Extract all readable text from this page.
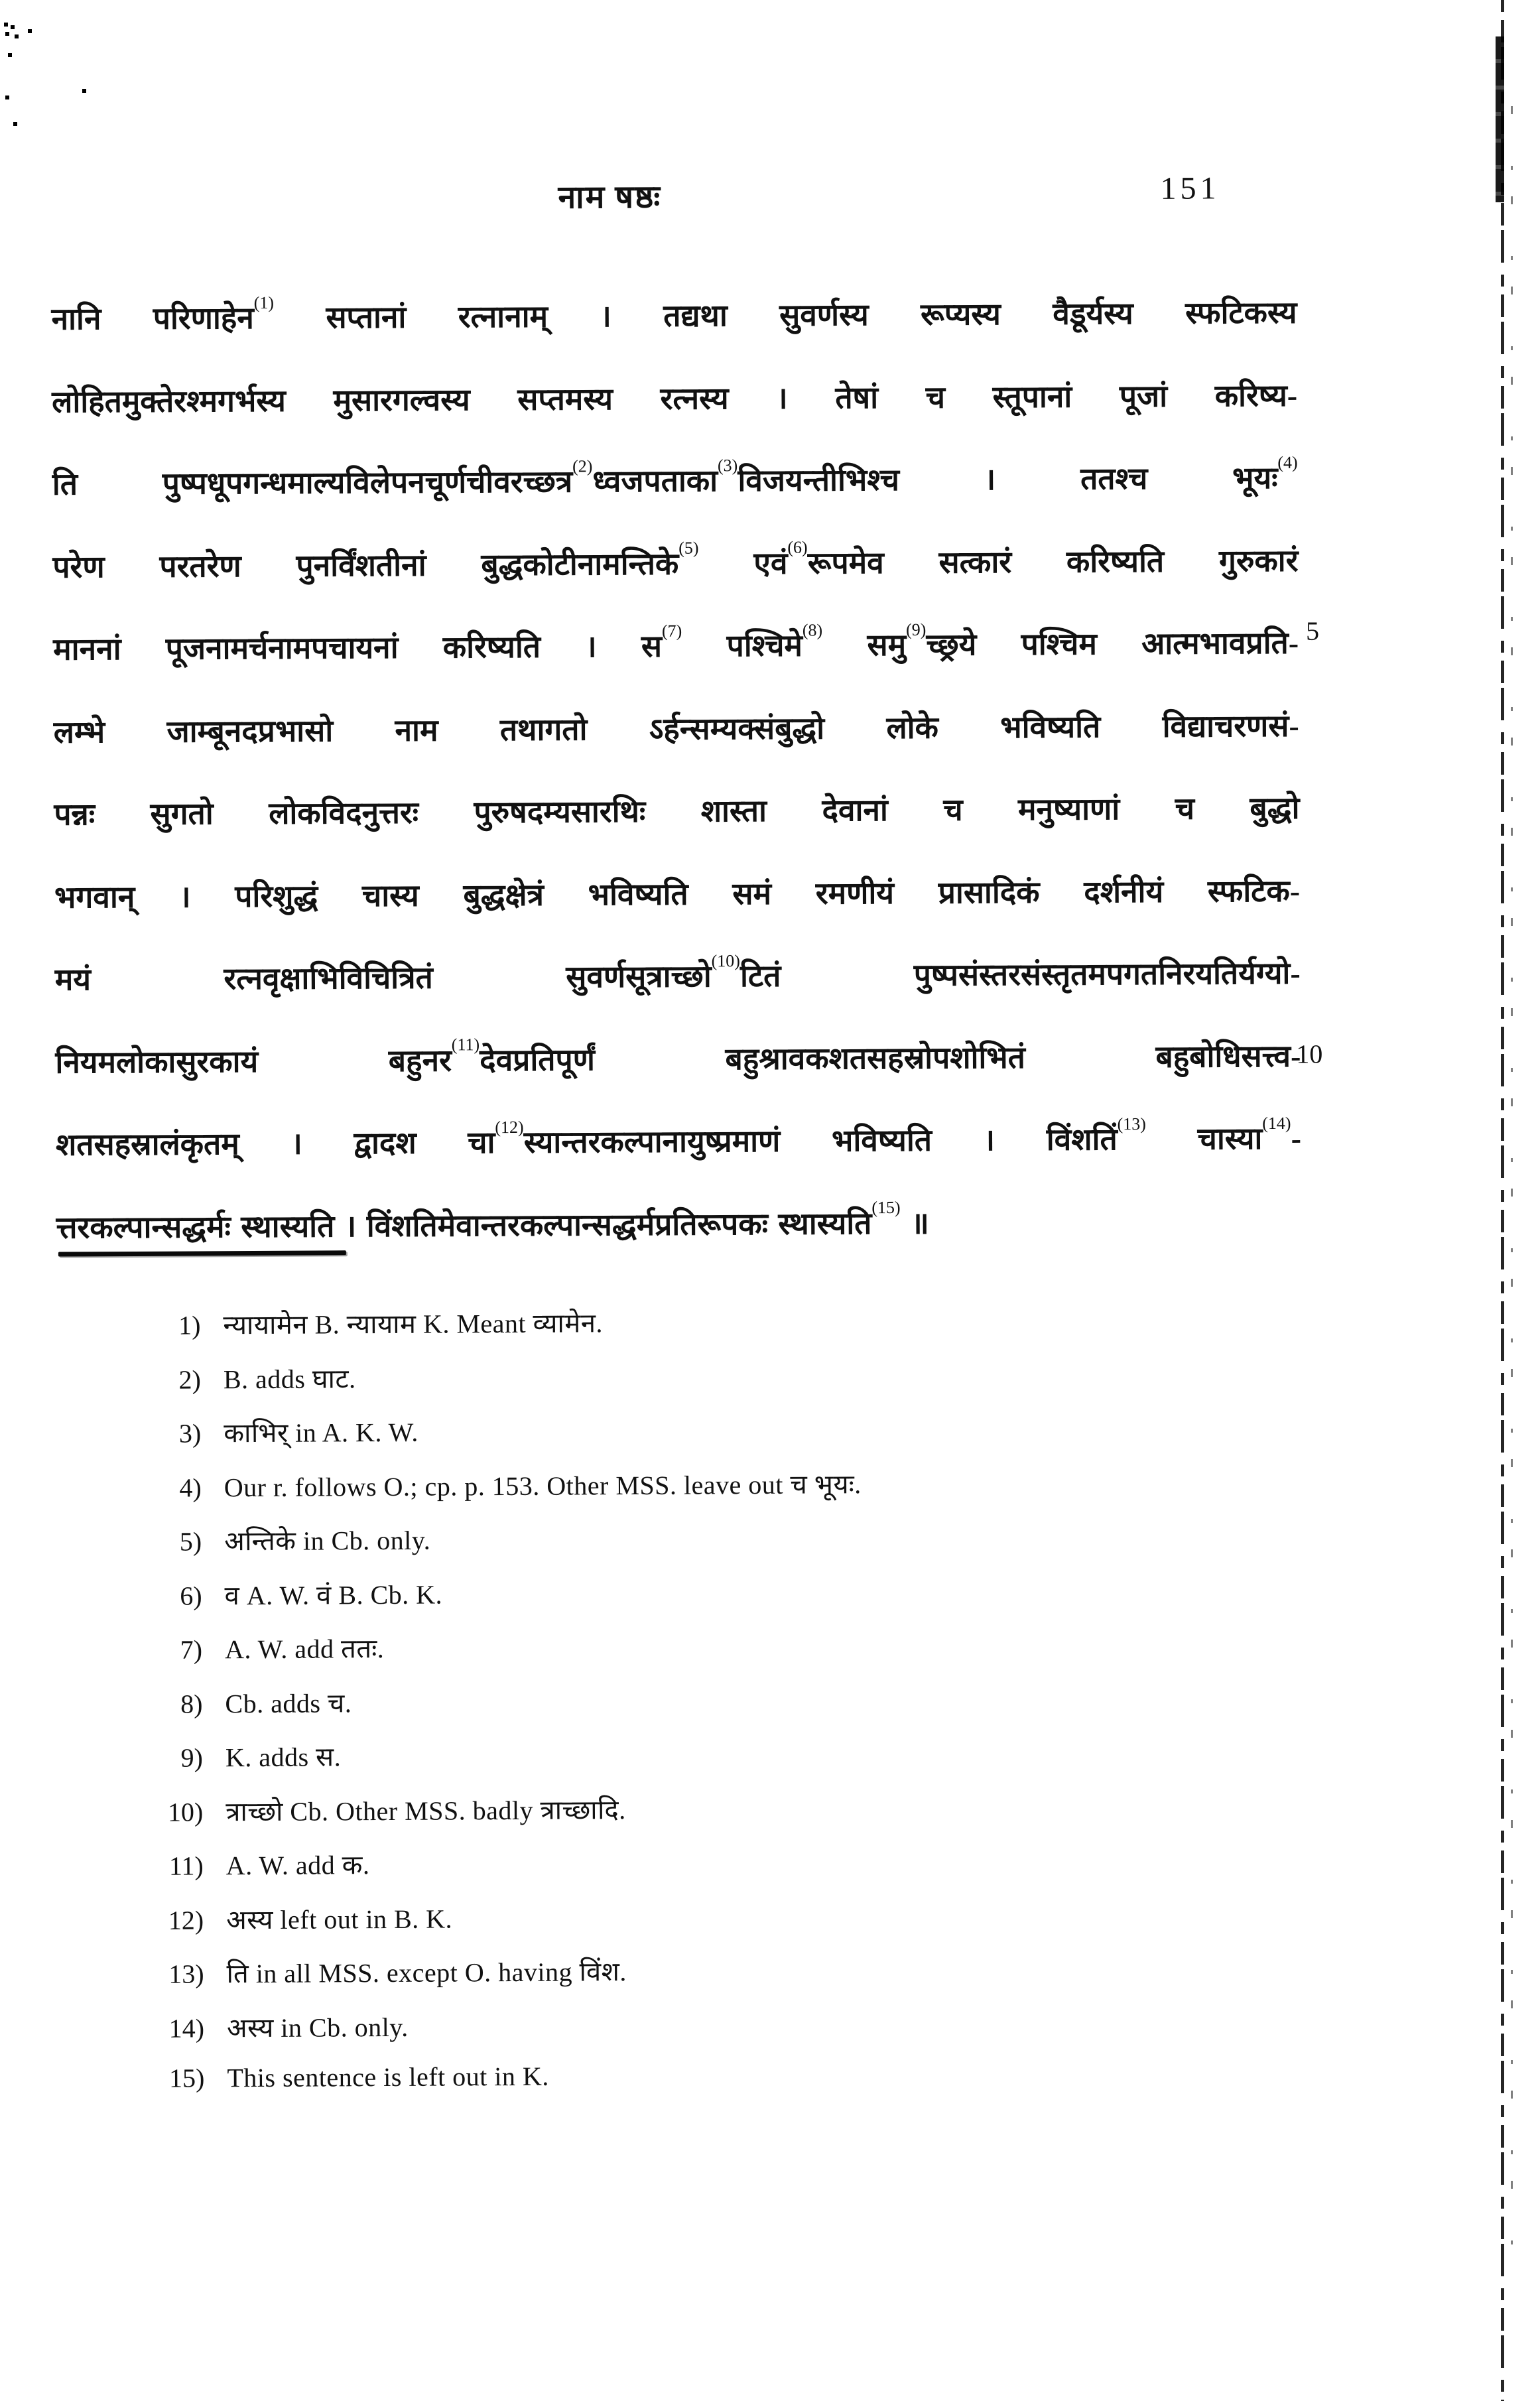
नाम षष्ठः	151
नानि परिणाहेन$^{(1)}$ सप्तानां रत्नानाम् । तद्यथा सुवर्णस्य रूप्यस्य वैडूर्यस्य स्फटिकस्य
लोहितमुक्तेरश्मगर्भस्य मुसारगल्वस्य सप्तमस्य रत्नस्य । तेषां च स्तूपानां पूजां करिष्य-
ति पुष्पधूपगन्धमाल्यविलेपनचूर्णचीवरच्छत्र$^{(2)}$ध्वजपताका$^{(3)}$विजयन्तीभिश्च । ततश्च भूयः$^{(4)}$
परेण परतरेण पुनर्विंशतीनां बुद्धकोटीनामन्तिके$^{(5)}$ एवं$^{(6)}$रूपमेव सत्कारं करिष्यति गुरुकारं
माननां पूजनामर्चनामपचायनां करिष्यति । स$^{(7)}$ पश्चिमे$^{(8)}$ समु$^{(9)}$च्छ्रये पश्चिम आत्मभावप्रति-
लम्भे जाम्बूनदप्रभासो नाम तथागतो ऽर्हन्सम्यक्संबुद्धो लोके भविष्यति विद्याचरणसं-
पन्नः सुगतो लोकविदनुत्तरः पुरुषदम्यसारथिः शास्ता देवानां च मनुष्याणां च बुद्धो
भगवान् । परिशुद्धं चास्य बुद्धक्षेत्रं भविष्यति समं रमणीयं प्रासादिकं दर्शनीयं स्फटिक-
मयं रत्नवृक्षाभिविचित्रितं सुवर्णसूत्राच्छो$^{(10)}$टितं पुष्पसंस्तरसंस्तृतमपगतनिरयतिर्यग्यो-
नियमलोकासुरकायं बहुनर$^{(11)}$देवप्रतिपूर्णं बहुश्रावकशतसहस्रोपशोभितं बहुबोधिसत्त्व-
शतसहस्रालंकृतम् । द्वादश चा$^{(12)}$स्यान्तरकल्पानायुष्प्रमाणं भविष्यति । विंशतिं$^{(13)}$ चास्या$^{(14)}$-
त्तरकल्पान्सद्धर्मः स्थास्यति । विंशतिमेवान्तरकल्पान्सद्धर्मप्रतिरूपकः स्थास्यति$^{(15)}$ ॥
5
10
1) न्यायामेन B. न्यायाम K. Meant व्यामेन.
2) B. adds घाट.
3) काभिर् in A. K. W.
4) Our r. follows O.; cp. p. 153. Other MSS. leave out च भूयः.
5) अन्तिके in Cb. only.
6) व A. W. वं B. Cb. K.
7) A. W. add ततः.
8) Cb. adds च.
9) K. adds स.
10) त्राच्छो Cb. Other MSS. badly त्राच्छादि.
11) A. W. add क.
12) अस्य left out in B. K.
13) ति in all MSS. except O. having विंश.
14) अस्य in Cb. only.
15) This sentence is left out in K.
